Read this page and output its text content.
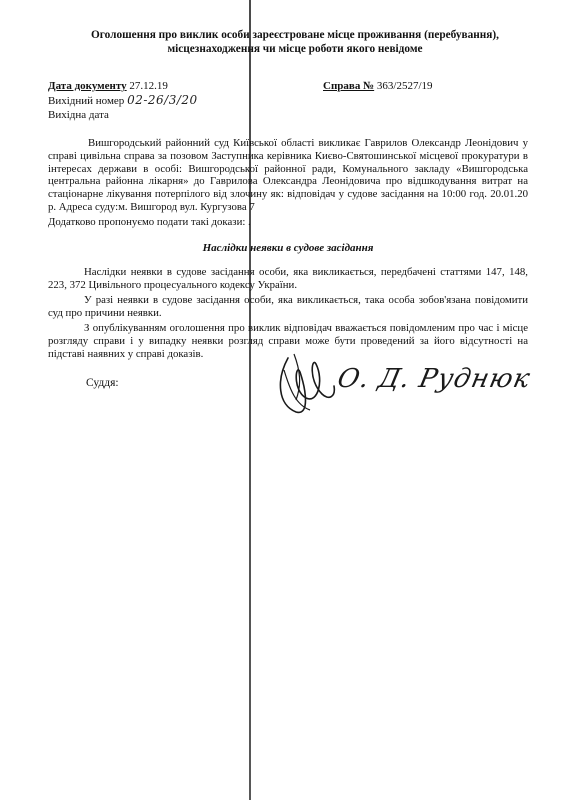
Оголошення про виклик особи зареєстроване місце проживання (перебування),
місцезнаходження чи місце роботи якого невідоме
Дата документу 27.12.19
Вихідний номер 02-26/3/20
Вихідна дата
Справа № 363/2527/19
Вишгородський районний суд Київської області викликає Гаврилов Олександр Леонідович у справі цивільна справа за позовом Заступника керівника Києво-Святошинської місцевої прокуратури в інтересах держави в особі: Вишгородської районної ради, Комунального закладу «Вишгородська центральна районна лікарня» до Гаврилова Олександра Леонідовича про відшкодування витрат на стаціонарне лікування потерпілого від злочину як: відповідач у судове засідання на 10:00 год. 20.01.20 р. Адреса суду:м. Вишгород вул. Кургузова 7
Додатково пропонуємо подати такі докази: .
Наслідки неявки в судове засідання
Наслідки неявки в судове засідання особи, яка викликається, передбачені статтями 147, 148, 223, 372 Цивільного процесуального кодексу України.
У разі неявки в судове засідання особи, яка викликається, така особа зобов'язана повідомити суд про причини неявки.
З опублікуванням оголошення про виклик відповідач вважається повідомленим про час і місце розгляду справи і у випадку неявки розгляд справи може бути проведений за його відсутності на підставі наявних у справі доказів.
Суддя:	О. Д. Руднюк
